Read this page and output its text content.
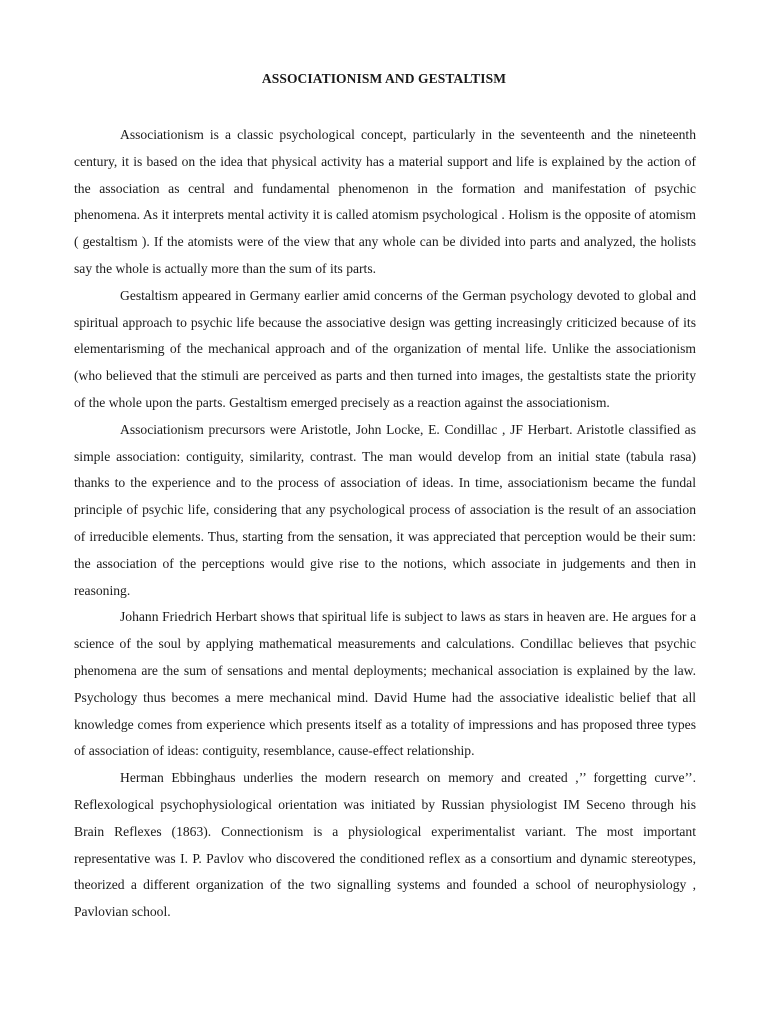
ASSOCIATIONISM AND GESTALTISM

Associationism is a classic psychological concept, particularly in the seventeenth and the nineteenth century, it is based on the idea that physical activity has a material support and life is explained by the action of the association as central and fundamental phenomenon in the formation and manifestation of psychic phenomena. As it interprets mental activity it is called atomism psychological . Holism is the opposite of atomism ( gestaltism ). If the atomists were of the view that any whole can be divided into parts and analyzed, the holists say the whole is actually more than the sum of its parts.

Gestaltism appeared in Germany earlier amid concerns of the German psychology devoted to global and spiritual approach to psychic life because the associative design was getting increasingly criticized because of its elementarisming of the mechanical approach and of the organization of mental life. Unlike the associationism (who believed that the stimuli are perceived as parts and then turned into images, the gestaltists state the priority of the whole upon the parts. Gestaltism emerged precisely as a reaction against the associationism.

Associationism precursors were Aristotle, John Locke, E. Condillac , JF Herbart. Aristotle classified as simple association: contiguity, similarity, contrast. The man would develop from an initial state (tabula rasa) thanks to the experience and to the process of association of ideas. In time, associationism became the fundal principle of psychic life, considering that any psychological process of association is the result of an association of irreducible elements. Thus, starting from the sensation, it was appreciated that perception would be their sum: the association of the perceptions would give rise to the notions, which associate in judgements and then in reasoning.

Johann Friedrich Herbart shows that spiritual life is subject to laws as stars in heaven are. He argues for a science of the soul by applying mathematical measurements and calculations. Condillac believes that psychic phenomena are the sum of sensations and mental deployments; mechanical association is explained by the law. Psychology thus becomes a mere mechanical mind. David Hume had the associative idealistic belief that all knowledge comes from experience which presents itself as a totality of impressions and has proposed three types of association of ideas: contiguity, resemblance, cause-effect relationship.

Herman Ebbinghaus underlies the modern research on memory and created ,’’ forgetting curve’’. Reflexological psychophysiological orientation was initiated by Russian physiologist IM Seceno through his Brain Reflexes (1863). Connectionism is a physiological experimentalist variant. The most important representative was I. P. Pavlov who discovered the conditioned reflex as a consortium and dynamic stereotypes, theorized a different organization of the two signalling systems and founded a school of neurophysiology , Pavlovian school.
